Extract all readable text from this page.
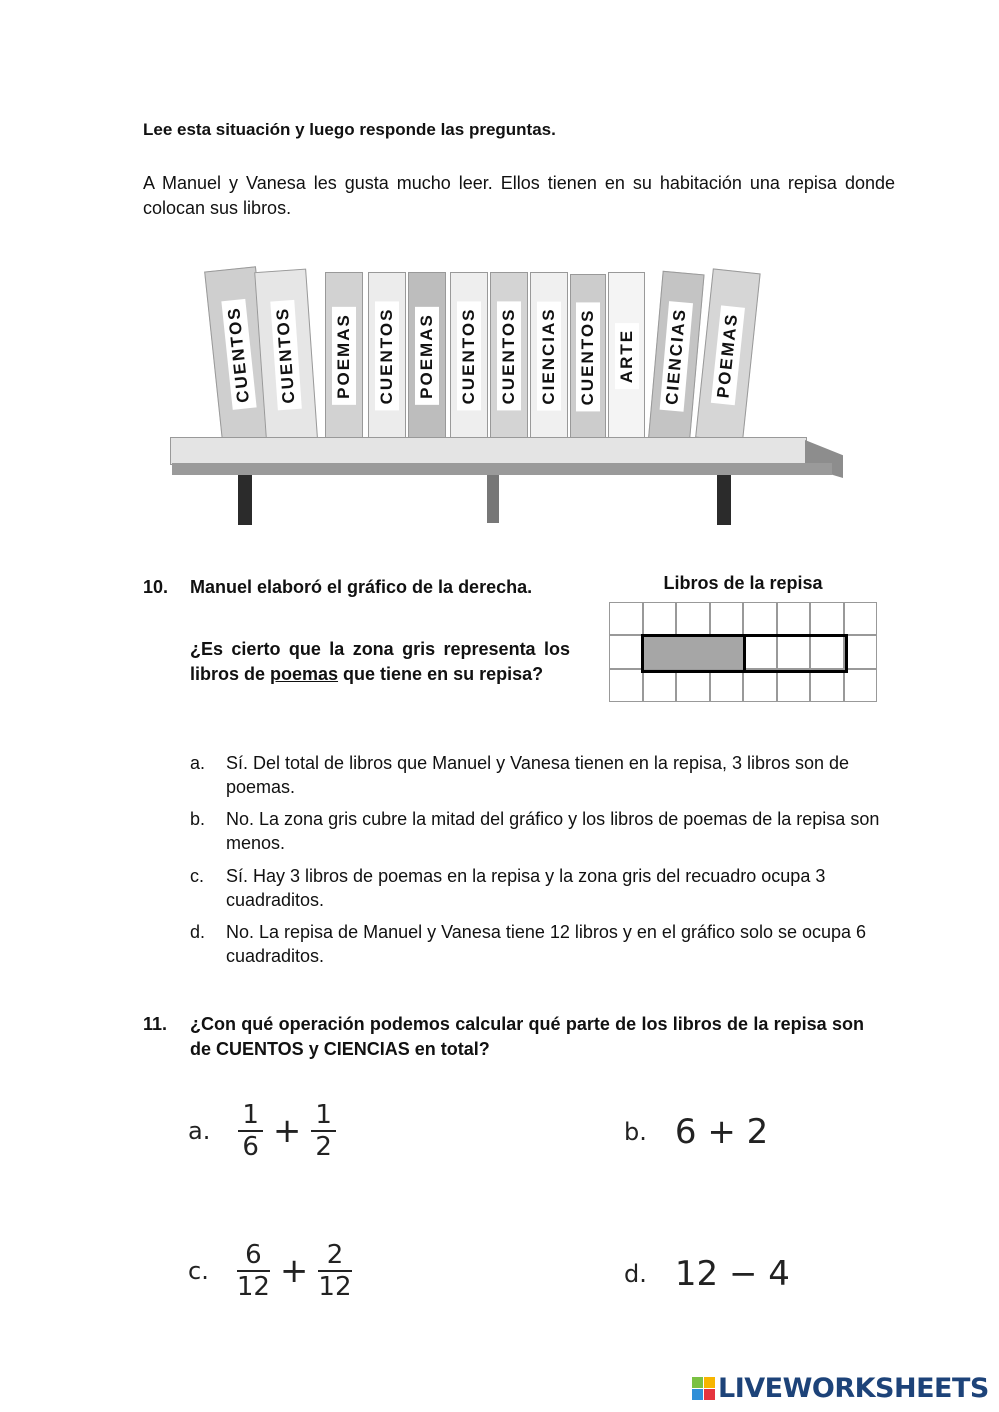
Lee esta situación y luego responde las preguntas.
A Manuel y Vanesa les gusta mucho leer. Ellos tienen en su habitación una repisa donde colocan sus libros.
CUENTOS CUENTOS POEMAS CUENTOS POEMAS CUENTOS CUENTOS CIENCIAS CUENTOS ARTE CIENCIAS POEMAS
10. Manuel elaboró el gráfico de la derecha.
¿Es cierto que la zona gris representa los libros de poemas que tiene en su repisa?
Libros de la repisa
a. Sí. Del total de libros que Manuel y Vanesa tienen en la repisa, 3 libros son de poemas.
b. No. La zona gris cubre la mitad del gráfico y los libros de poemas de la repisa son menos.
c. Sí. Hay 3 libros de poemas en la repisa y la zona gris del recuadro ocupa 3 cuadraditos.
d. No. La repisa de Manuel y Vanesa tiene 12 libros y en el gráfico solo se ocupa 6 cuadraditos.
11. ¿Con qué operación podemos calcular qué parte de los libros de la repisa son de CUENTOS y CIENCIAS en total?
a. $\frac{1}{6} + \frac{1}{2}$	b. 6 + 2
c. $\frac{6}{12} + \frac{2}{12}$	d. 12 − 4
LIVEWORKSHEETS
